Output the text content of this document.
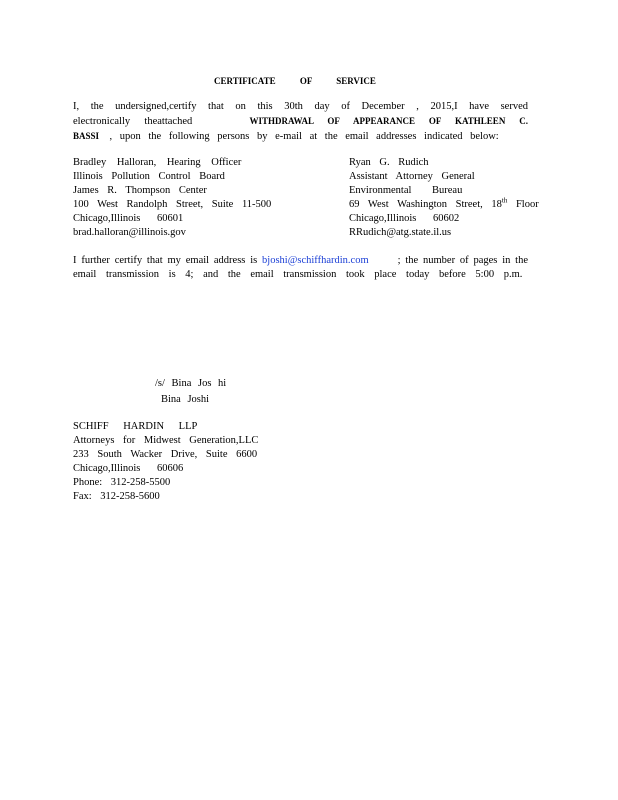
CERTIFICATE OF SERVICE
I, the undersigned,certify that on this 30th day of December , 2015,I have served
electronically theattached	WITHDRAWAL OF APPEARANCE OF KATHLEEN C.
BASSI , upon the following persons by e-mail at the email addresses indicated below:
Bradley Halloran, Hearing Officer
Illinois Pollution Control Board
James R. Thompson Center
100 West Randolph Street, Suite 11-500
Chicago,Illinois 60601
brad.halloran@illinois.gov
Ryan G. Rudich
Assistant Attorney General
Environmental Bureau
69 West Washington Street, 18th Floor
Chicago,Illinois 60602
RRudich@atg.state.il.us
I further certify that my email address is bjoshi@schiffhardin.com	; the number of pages in the
email transmission is 4; and the email transmission took place today before 5:00 p.m.
/s/ Bina Jos hi
Bina Joshi
SCHIFF HARDIN LLP
Attorneys for Midwest Generation,LLC
233 South Wacker Drive, Suite 6600
Chicago,Illinois 60606
Phone: 312-258-5500
Fax: 312-258-5600
